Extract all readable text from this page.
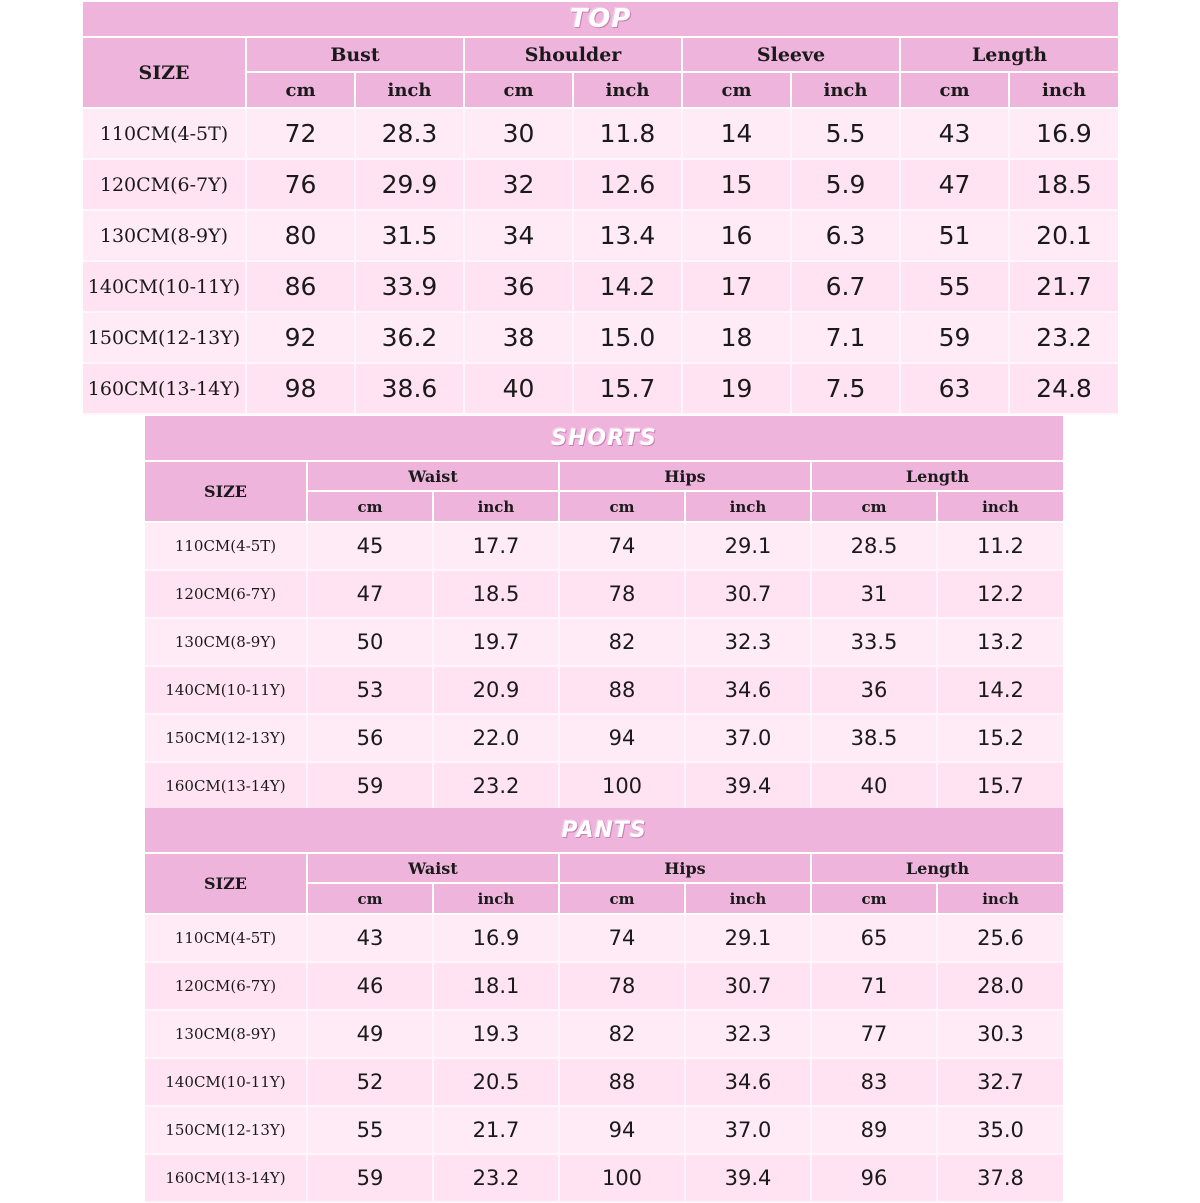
TOP								
SIZE	Bust		Shoulder		Sleeve		Length	
	cm	inch	cm	inch	cm	inch	cm	inch
110CM(4-5T)	72	28.3	30	11.8	14	5.5	43	16.9
120CM(6-7Y)	76	29.9	32	12.6	15	5.9	47	18.5
130CM(8-9Y)	80	31.5	34	13.4	16	6.3	51	20.1
140CM(10-11Y)	86	33.9	36	14.2	17	6.7	55	21.7
150CM(12-13Y)	92	36.2	38	15.0	18	7.1	59	23.2
160CM(13-14Y)	98	38.6	40	15.7	19	7.5	63	24.8
SHORTS						
SIZE	Waist		Hips		Length	
	cm	inch	cm	inch	cm	inch
110CM(4-5T)	45	17.7	74	29.1	28.5	11.2
120CM(6-7Y)	47	18.5	78	30.7	31	12.2
130CM(8-9Y)	50	19.7	82	32.3	33.5	13.2
140CM(10-11Y)	53	20.9	88	34.6	36	14.2
150CM(12-13Y)	56	22.0	94	37.0	38.5	15.2
160CM(13-14Y)	59	23.2	100	39.4	40	15.7
PANTS						
SIZE	Waist		Hips		Length	
	cm	inch	cm	inch	cm	inch
110CM(4-5T)	43	16.9	74	29.1	65	25.6
120CM(6-7Y)	46	18.1	78	30.7	71	28.0
130CM(8-9Y)	49	19.3	82	32.3	77	30.3
140CM(10-11Y)	52	20.5	88	34.6	83	32.7
150CM(12-13Y)	55	21.7	94	37.0	89	35.0
160CM(13-14Y)	59	23.2	100	39.4	96	37.8
